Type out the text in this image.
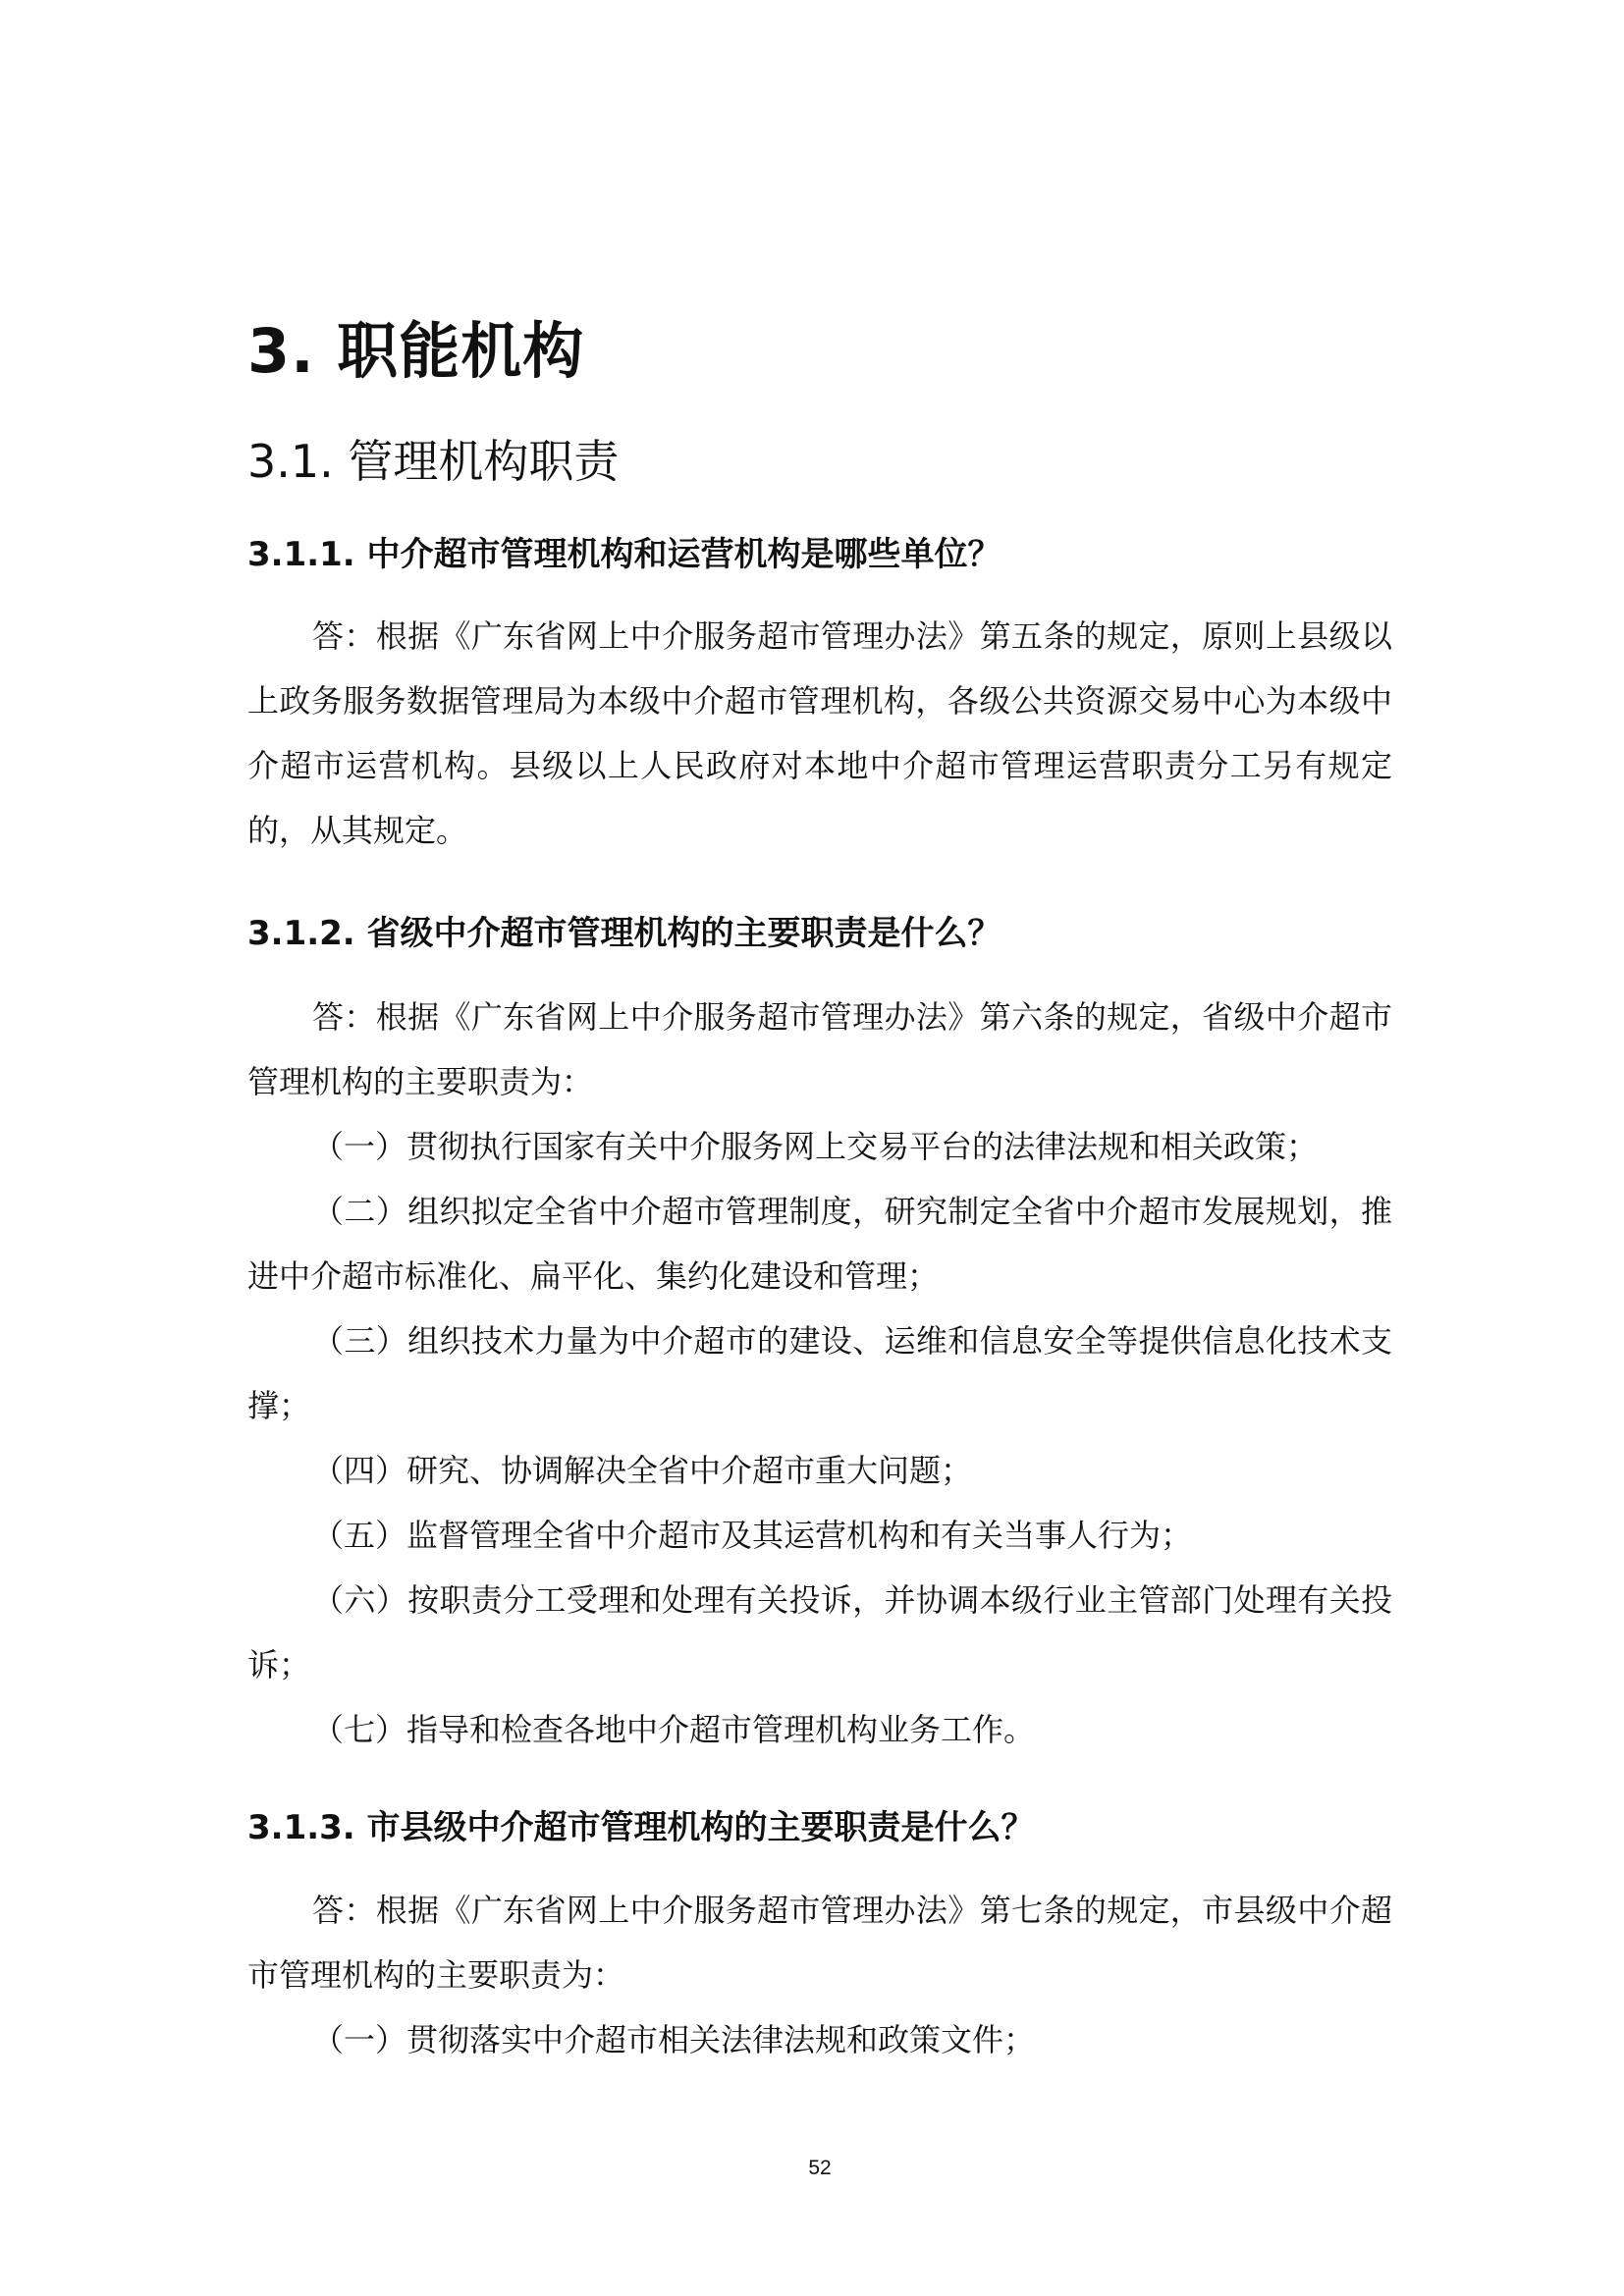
3. 职能机构
3.1. 管理机构职责
3.1.1. 中介超市管理机构和运营机构是哪些单位？

答：根据《广东省网上中介服务超市管理办法》第五条的规定，原则上县级以上政务服务数据管理局为本级中介超市管理机构，各级公共资源交易中心为本级中介超市运营机构。县级以上人民政府对本地中介超市管理运营职责分工另有规定的，从其规定。

3.1.2. 省级中介超市管理机构的主要职责是什么？

答：根据《广东省网上中介服务超市管理办法》第六条的规定，省级中介超市管理机构的主要职责为：

（一）贯彻执行国家有关中介服务网上交易平台的法律法规和相关政策；

（二）组织拟定全省中介超市管理制度，研究制定全省中介超市发展规划，推进中介超市标准化、扁平化、集约化建设和管理；

（三）组织技术力量为中介超市的建设、运维和信息安全等提供信息化技术支撑；

（四）研究、协调解决全省中介超市重大问题；

（五）监督管理全省中介超市及其运营机构和有关当事人行为；

（六）按职责分工受理和处理有关投诉，并协调本级行业主管部门处理有关投诉；

（七）指导和检查各地中介超市管理机构业务工作。

3.1.3. 市县级中介超市管理机构的主要职责是什么？

答：根据《广东省网上中介服务超市管理办法》第七条的规定，市县级中介超市管理机构的主要职责为：

（一）贯彻落实中介超市相关法律法规和政策文件；

52
